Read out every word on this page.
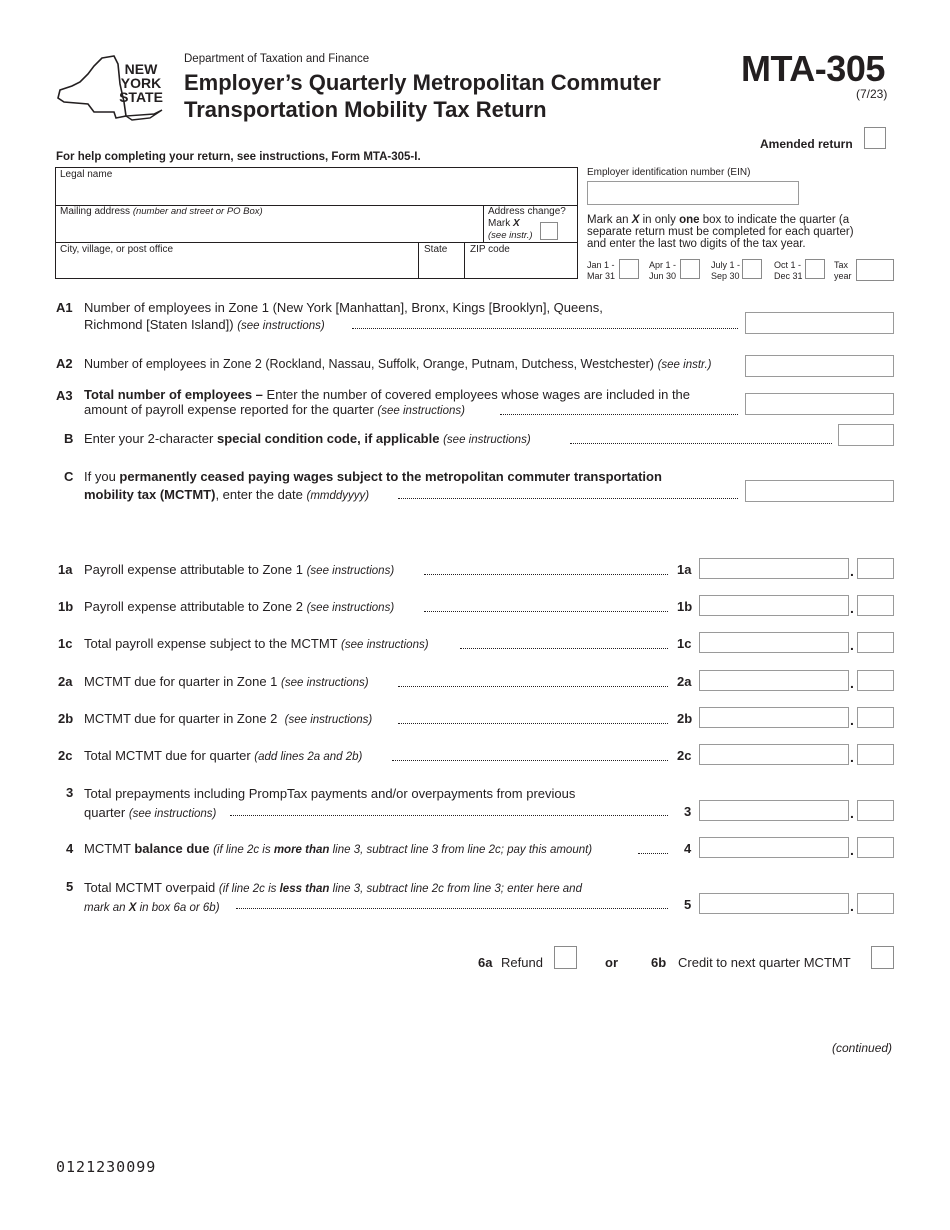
NEW
YORK
STATE
Department of Taxation and Finance
Employer’s Quarterly Metropolitan Commuter
Transportation Mobility Tax Return
MTA-305
(7/23)
Amended return
For help completing your return, see instructions, Form MTA-305-I.
Legal name
Mailing address (number and street or PO Box)	Address change?
Mark X
(see instr.)
City, village, or post office	State ZIP code
Employer identification number (EIN)
Mark an X in only one box to indicate the quarter (a
separate return must be completed for each quarter)
and enter the last two digits of the tax year.
Jan 1 -
Mar 31
Apr 1 -
Jun 30
July 1 -
Sep 30
Oct 1 -
Dec 31
Tax
year
A1 Number of employees in Zone 1 (New York [Manhattan], Bronx, Kings [Brooklyn], Queens,
Richmond [Staten Island]) (see instructions)
A2 Number of employees in Zone 2 (Rockland, Nassau, Suffolk, Orange, Putnam, Dutchess, Westchester) (see instr.)
A3 Total number of employees – Enter the number of covered employees whose wages are included in the
amount of payroll expense reported for the quarter (see instructions)
B Enter your 2-character special condition code, if applicable (see instructions)
C If you permanently ceased paying wages subject to the metropolitan commuter transportation
mobility tax (MCTMT), enter the date (mmddyyyy)
1a Payroll expense attributable to Zone 1 (see instructions)	1a	.
1b Payroll expense attributable to Zone 2 (see instructions)	1b	.
1c Total payroll expense subject to the MCTMT (see instructions)	1c	.
2a MCTMT due for quarter in Zone 1 (see instructions)	2a	.
2b MCTMT due for quarter in Zone 2 (see instructions)	2b	.
2c Total MCTMT due for quarter (add lines 2a and 2b)	2c	.
3 Total prepayments including PrompTax payments and/or overpayments from previous
quarter (see instructions)	3	.
4 MCTMT balance due (if line 2c is more than line 3, subtract line 3 from line 2c; pay this amount)	4	.
5 Total MCTMT overpaid (if line 2c is less than line 3, subtract line 2c from line 3; enter here and
mark an X in box 6a or 6b)	5	.
6a Refund	or	6b Credit to next quarter MCTMT
(continued)
0121230099
